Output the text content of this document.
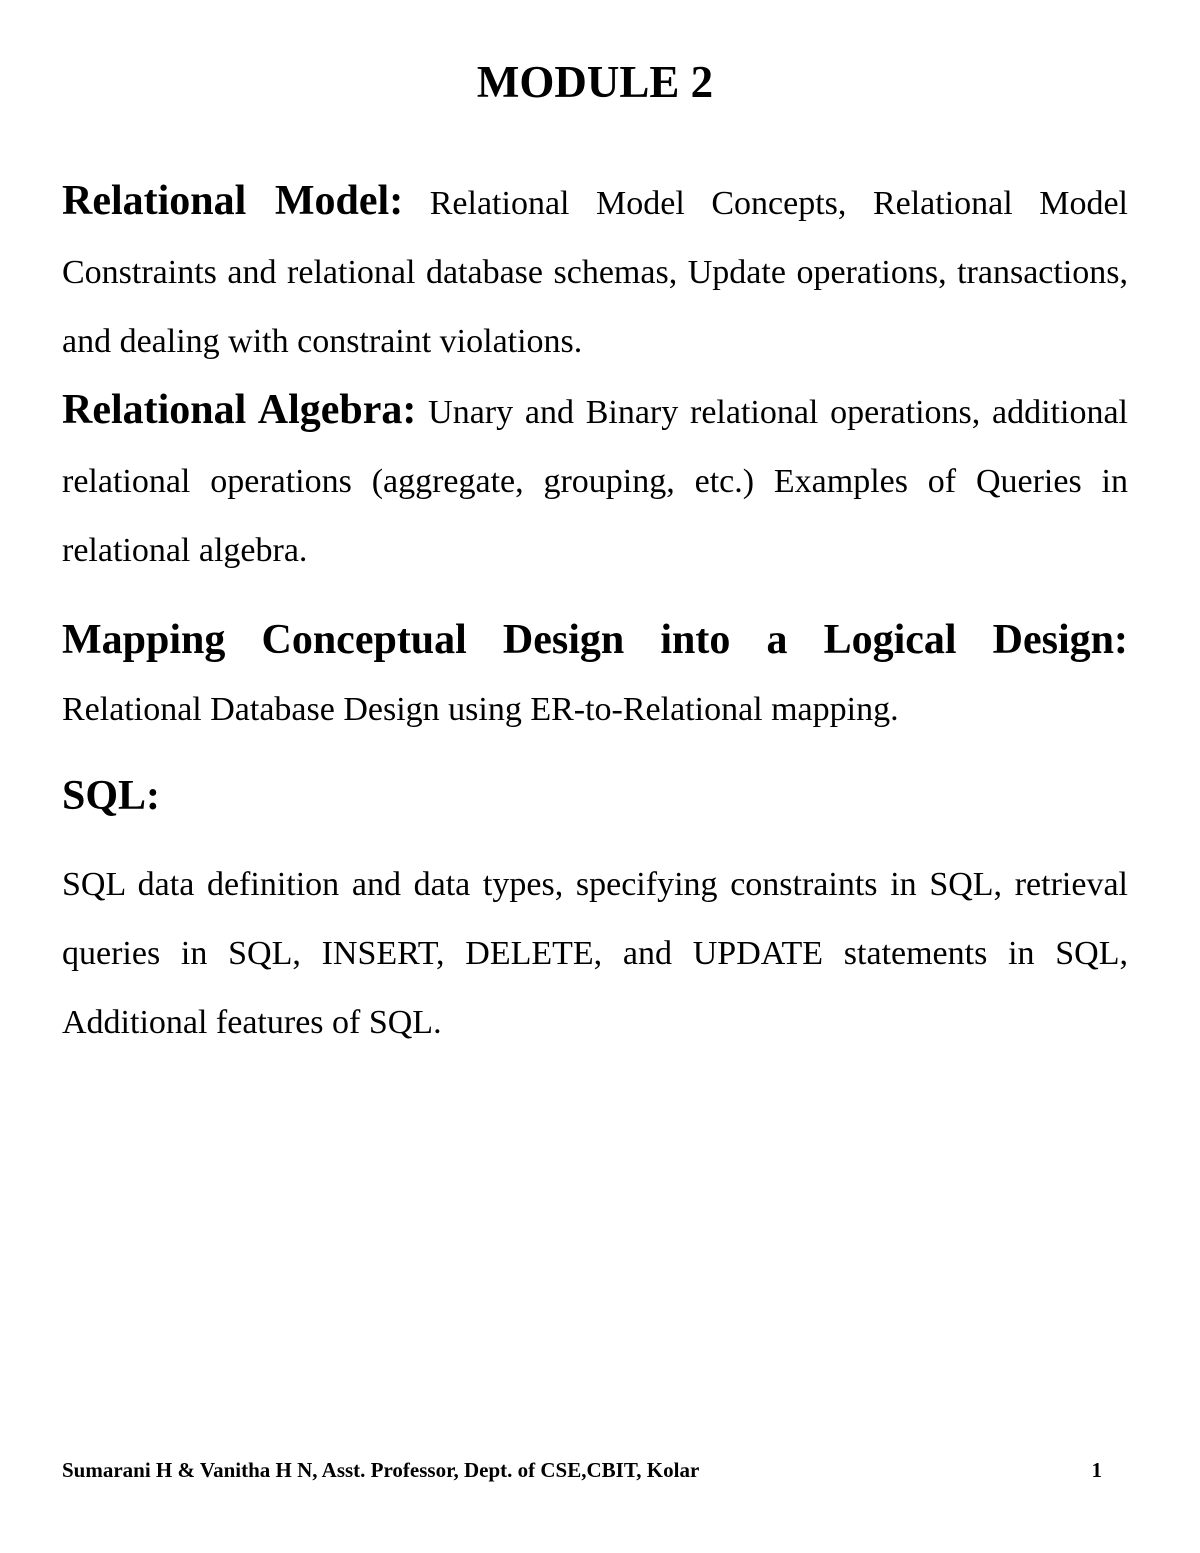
MODULE 2

Relational Model: Relational Model Concepts, Relational Model Constraints and relational database schemas, Update operations, transactions, and dealing with constraint violations.

Relational Algebra: Unary and Binary relational operations, additional relational operations (aggregate, grouping, etc.) Examples of Queries in relational algebra.

Mapping Conceptual Design into a Logical Design:

Relational Database Design using ER-to-Relational mapping.

SQL:

SQL data definition and data types, specifying constraints in SQL, retrieval queries in SQL, INSERT, DELETE, and UPDATE statements in SQL, Additional features of SQL.

Sumarani H & Vanitha H N, Asst. Professor, Dept. of CSE,CBIT, Kolar	1
